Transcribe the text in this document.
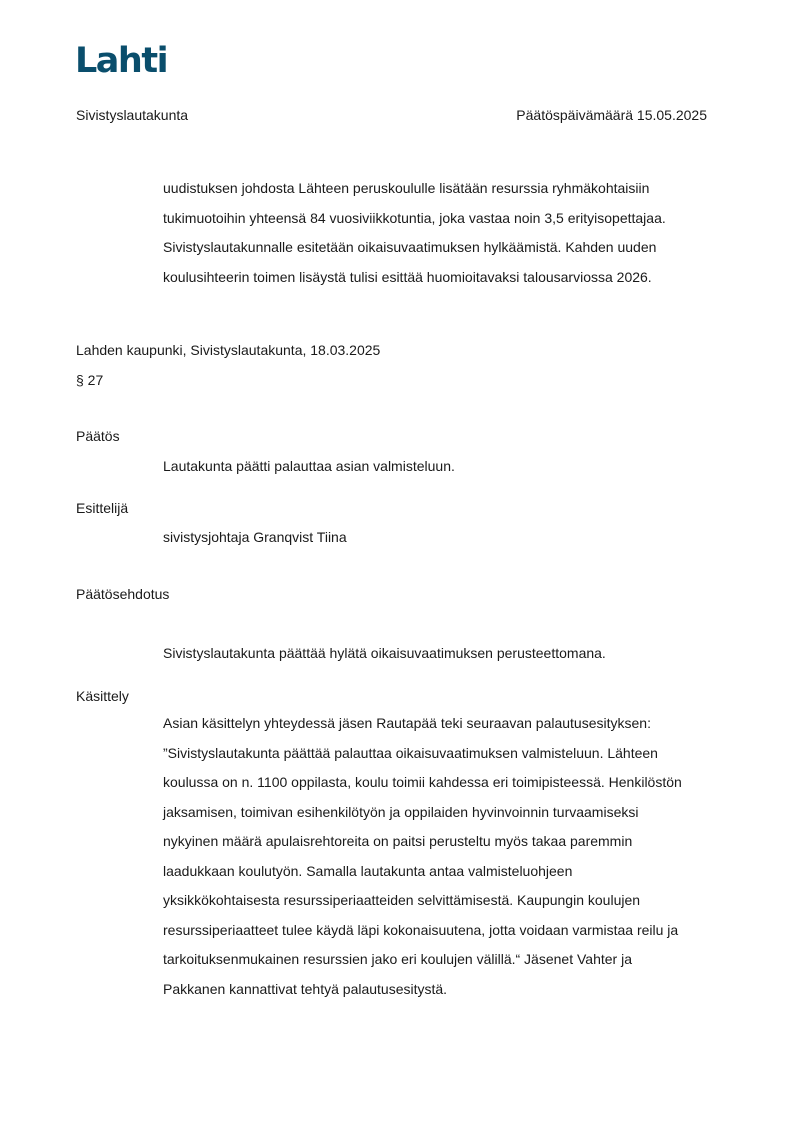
Lahti
Sivistyslautakunta	Päätöspäivämäärä 15.05.2025
uudistuksen johdosta Lähteen peruskoululle lisätään resurssia ryhmäkohtaisiin
tukimuotoihin yhteensä 84 vuosiviikkotuntia, joka vastaa noin 3,5 erityisopettajaa.
Sivistyslautakunnalle esitetään oikaisuvaatimuksen hylkäämistä. Kahden uuden
koulusihteerin toimen lisäystä tulisi esittää huomioitavaksi talousarviossa 2026.
Lahden kaupunki, Sivistyslautakunta, 18.03.2025
§ 27
Päätös
Lautakunta päätti palauttaa asian valmisteluun.
Esittelijä
sivistysjohtaja Granqvist Tiina
Päätösehdotus
Sivistyslautakunta päättää hylätä oikaisuvaatimuksen perusteettomana.
Käsittely
Asian käsittelyn yhteydessä jäsen Rautapää teki seuraavan palautusesityksen:
”Sivistyslautakunta päättää palauttaa oikaisuvaatimuksen valmisteluun. Lähteen
koulussa on n. 1100 oppilasta, koulu toimii kahdessa eri toimipisteessä. Henkilöstön
jaksamisen, toimivan esihenkilötyön ja oppilaiden hyvinvoinnin turvaamiseksi
nykyinen määrä apulaisrehtoreita on paitsi perusteltu myös takaa paremmin
laadukkaan koulutyön. Samalla lautakunta antaa valmisteluohjeen
yksikkökohtaisesta resurssiperiaatteiden selvittämisestä. Kaupungin koulujen
resurssiperiaatteet tulee käydä läpi kokonaisuutena, jotta voidaan varmistaa reilu ja
tarkoituksenmukainen resurssien jako eri koulujen välillä.“ Jäsenet Vahter ja
Pakkanen kannattivat tehtyä palautusesitystä.
